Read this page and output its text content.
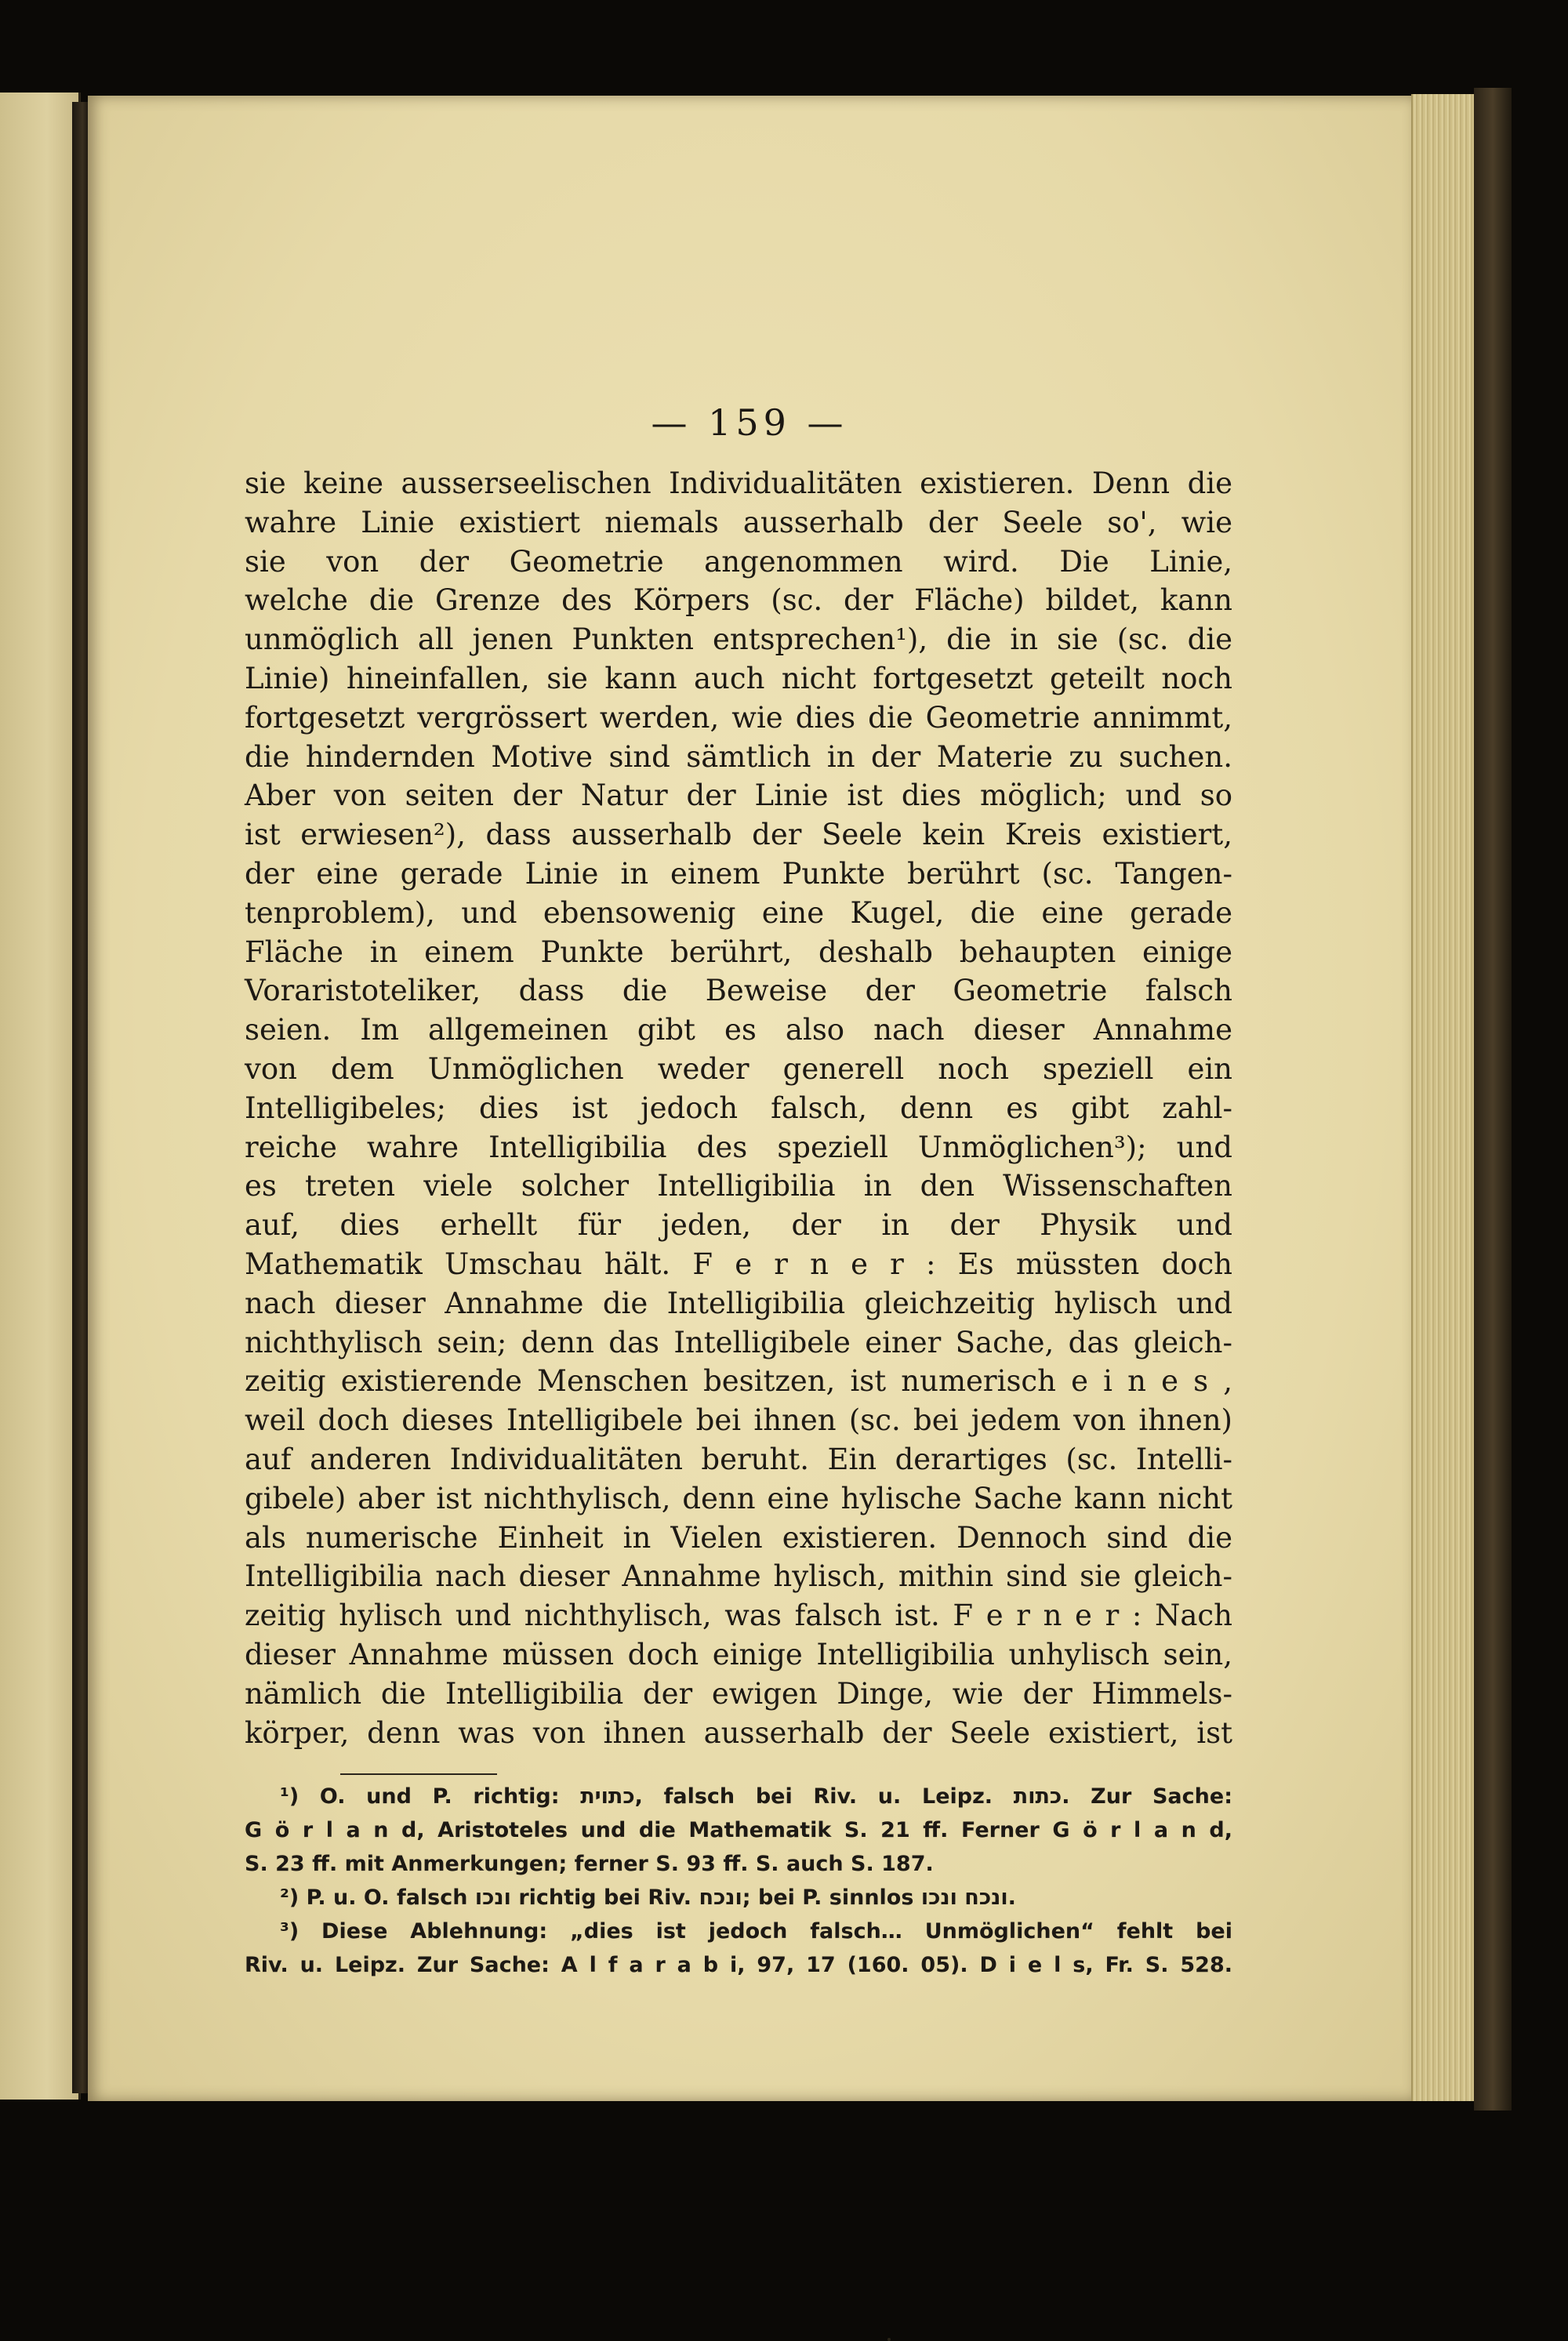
— 159 —
sie keine ausserseelischen Individualitäten existieren. Denn die
wahre Linie existiert niemals ausserhalb der Seele so', wie
sie von der Geometrie angenommen wird. Die Linie,
welche die Grenze des Körpers (sc. der Fläche) bildet, kann
unmöglich all jenen Punkten entsprechen¹), die in sie (sc. die
Linie) hineinfallen, sie kann auch nicht fortgesetzt geteilt noch
fortgesetzt vergrössert werden, wie dies die Geometrie annimmt,
die hindernden Motive sind sämtlich in der Materie zu suchen.
Aber von seiten der Natur der Linie ist dies möglich; und so
ist erwiesen²), dass ausserhalb der Seele kein Kreis existiert,
der eine gerade Linie in einem Punkte berührt (sc. Tangen-
tenproblem), und ebensowenig eine Kugel, die eine gerade
Fläche in einem Punkte berührt, deshalb behaupten einige
Voraristoteliker, dass die Beweise der Geometrie falsch
seien. Im allgemeinen gibt es also nach dieser Annahme
von dem Unmöglichen weder generell noch speziell ein
Intelligibeles; dies ist jedoch falsch, denn es gibt zahl-
reiche wahre Intelligibilia des speziell Unmöglichen³); und
es treten viele solcher Intelligibilia in den Wissenschaften
auf, dies erhellt für jeden, der in der Physik und
Mathematik Umschau hält. F e r n e r : Es müssten doch
nach dieser Annahme die Intelligibilia gleichzeitig hylisch und
nichthylisch sein; denn das Intelligibele einer Sache, das gleich-
zeitig existierende Menschen besitzen, ist numerisch e i n e s ,
weil doch dieses Intelligibele bei ihnen (sc. bei jedem von ihnen)
auf anderen Individualitäten beruht. Ein derartiges (sc. Intelli-
gibele) aber ist nichthylisch, denn eine hylische Sache kann nicht
als numerische Einheit in Vielen existieren. Dennoch sind die
Intelligibilia nach dieser Annahme hylisch, mithin sind sie gleich-
zeitig hylisch und nichthylisch, was falsch ist. F e r n e r : Nach
dieser Annahme müssen doch einige Intelligibilia unhylisch sein,
nämlich die Intelligibilia der ewigen Dinge, wie der Himmels-
körper, denn was von ihnen ausserhalb der Seele existiert, ist
¹) O. und P. richtig: כתוית, falsch bei Riv. u. Leipz. כתות. Zur Sache:
G ö r l a n d, Aristoteles und die Mathematik S. 21 ff. Ferner G ö r l a n d,
S. 23 ff. mit Anmerkungen; ferner S. 93 ff. S. auch S. 187.
²) P. u. O. falsch ונכו richtig bei Riv. ונכח; bei P. sinnlos ונכח ונכו.
³) Diese Ablehnung: „dies ist jedoch falsch… Unmöglichen“ fehlt bei
Riv. u. Leipz. Zur Sache: A l f a r a b i, 97, 17 (160. 05). D i e l s, Fr. S. 528.
